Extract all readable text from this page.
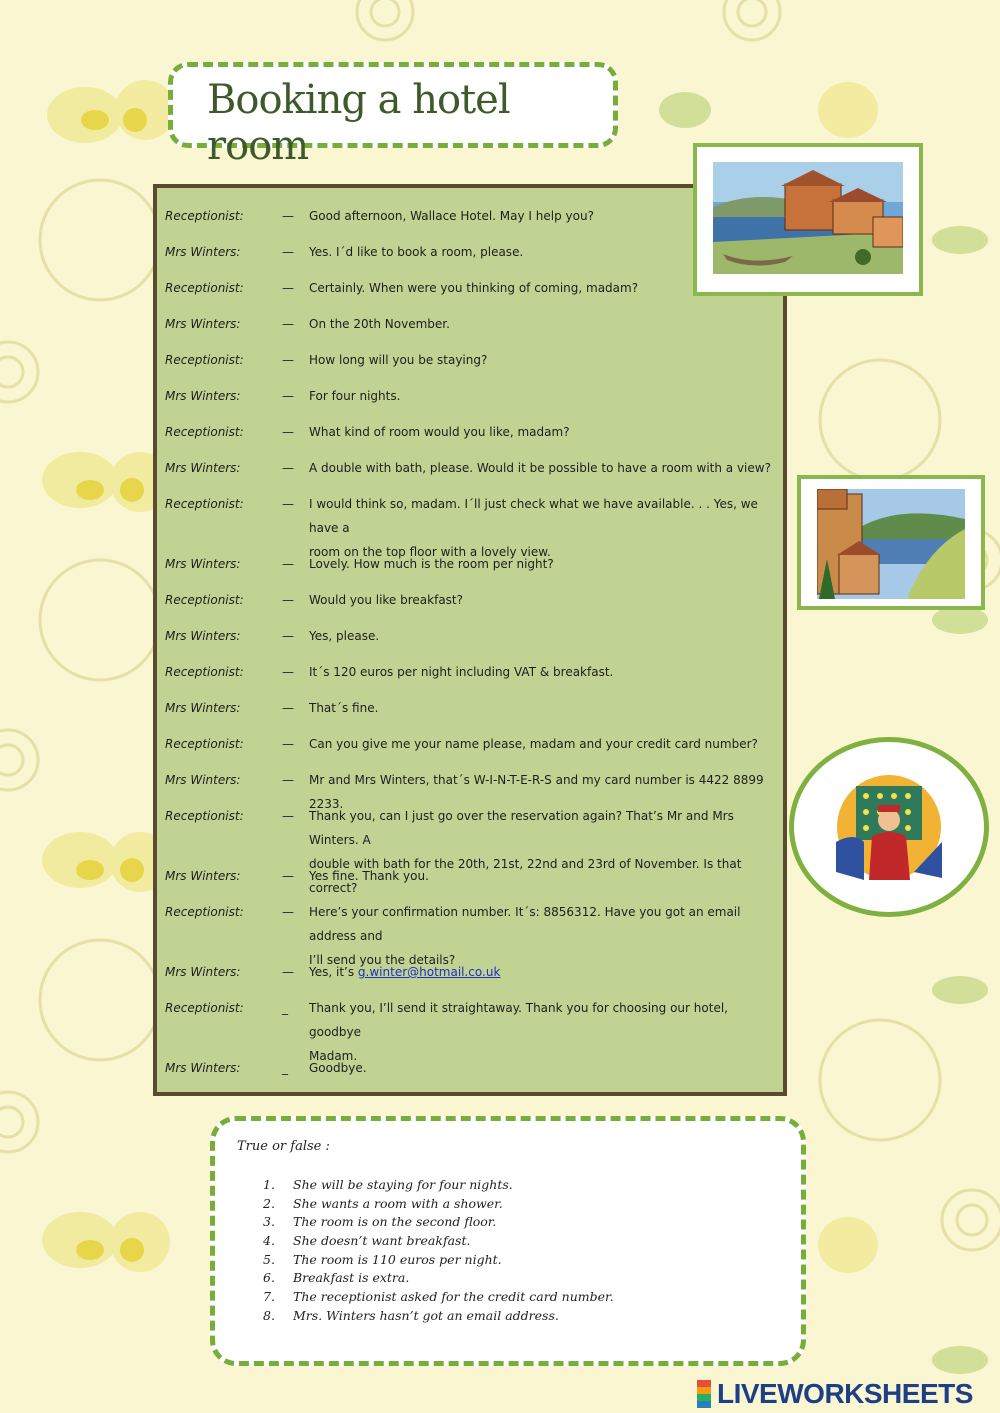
Booking a hotel room
Receptionist:	—	Good afternoon, Wallace Hotel. May I help you?
Mrs Winters:	—	Yes. I´d like to book a room, please.
Receptionist:	—	Certainly. When were you thinking of coming, madam?
Mrs Winters:	—	On the 20th November.
Receptionist:	—	How long will you be staying?
Mrs Winters:	—	For four nights.
Receptionist:	—	What kind of room would you like, madam?
Mrs Winters:	—	A double with bath, please. Would it be possible to have a room with a view?
Receptionist:	—	I would think so, madam. I´ll just check what we have available. . . Yes, we have a
room on the top floor with a lovely view.
Mrs Winters:	—	Lovely. How much is the room per night?
Receptionist:	—	Would you like breakfast?
Mrs Winters:	—	Yes, please.
Receptionist:	—	It´s 120 euros per night including VAT & breakfast.
Mrs Winters:	—	That´s fine.
Receptionist:	—	Can you give me your name please, madam and your credit card number?
Mrs Winters:	—	Mr and Mrs Winters, that´s W-I-N-T-E-R-S and my card number is 4422 8899 2233.
Receptionist:	—	Thank you, can I just go over the reservation again? That’s Mr and Mrs Winters. A
double with bath for the 20th, 21st, 22nd and 23rd of November. Is that correct?
Mrs Winters:	—	Yes fine. Thank you.
Receptionist:	—	Here’s your confirmation number. It´s: 8856312. Have you got an email address and
I’ll send you the details?
Mrs Winters:	—	Yes, it’s g.winter@hotmail.co.uk
Receptionist:	_	Thank you, I’ll send it straightaway. Thank you for choosing our hotel, goodbye
Madam.
Mrs Winters:	_	Goodbye.
True or false :
1.	She will be staying for four nights.
2.	She wants a room with a shower.
3.	The room is on the second floor.
4.	She doesn’t want breakfast.
5.	The room is 110 euros per night.
6.	Breakfast is extra.
7.	The receptionist asked for the credit card number.
8.	Mrs. Winters hasn’t got an email address.
LIVEWORKSHEETS
